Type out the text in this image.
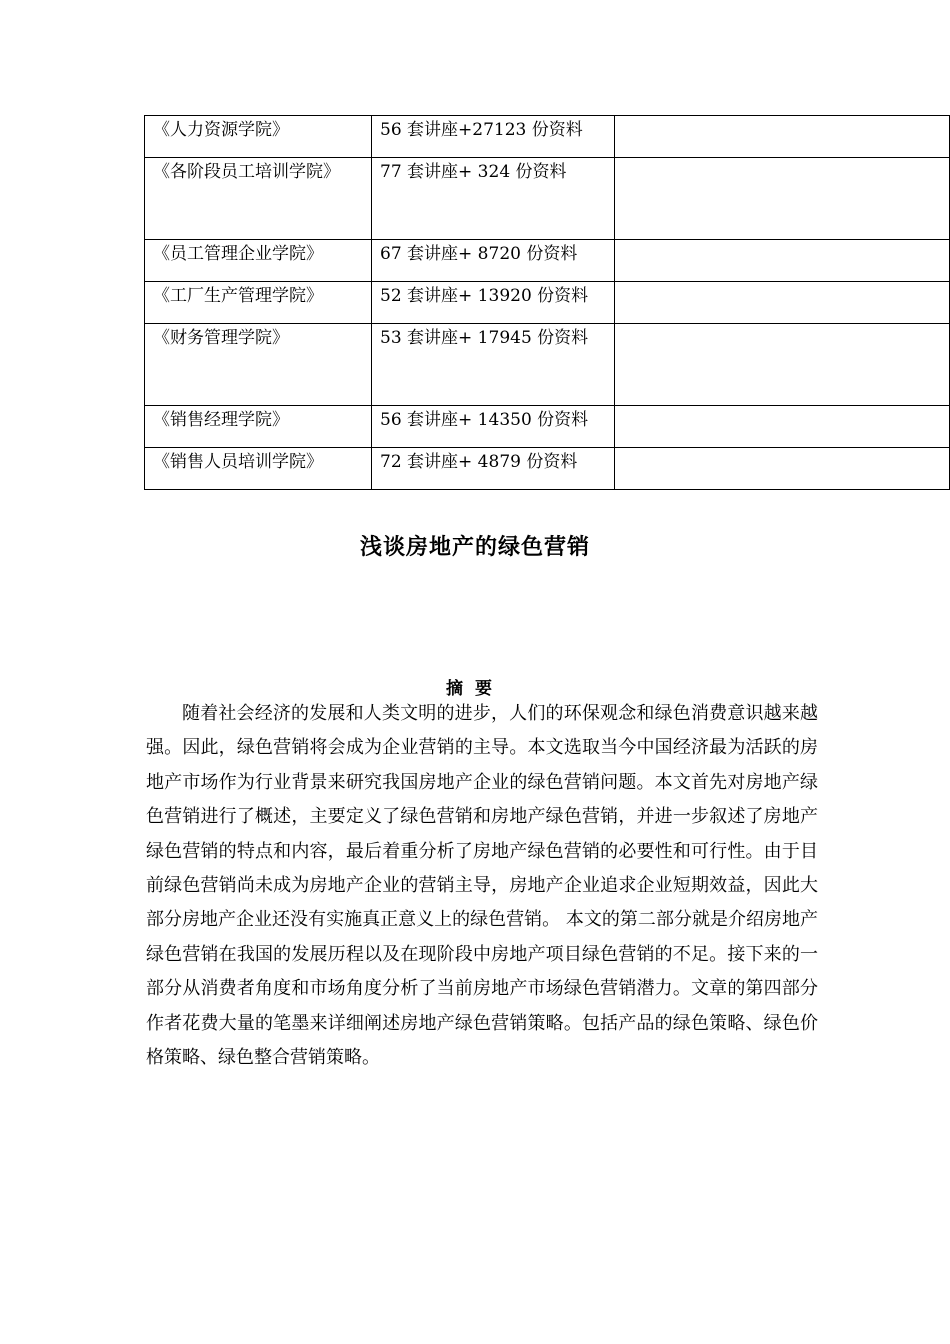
《人力资源学院》	56 套讲座+27123 份资料	

《各阶段员工培训学院》	77 套讲座+ 324 份资料	

《员工管理企业学院》	67 套讲座+ 8720 份资料	

《工厂生产管理学院》	52 套讲座+ 13920 份资料	

《财务管理学院》	53 套讲座+ 17945 份资料	

《销售经理学院》	56 套讲座+ 14350 份资料	

《销售人员培训学院》	72 套讲座+ 4879 份资料	

浅谈房地产的绿色营销
摘要

随着社会经济的发展和人类文明的进步，人们的环保观念和绿色消费意识越来越强。因此，绿色营销将会成为企业营销的主导。本文选取当今中国经济最为活跃的房地产市场作为行业背景来研究我国房地产企业的绿色营销问题。本文首先对房地产绿色营销进行了概述，主要定义了绿色营销和房地产绿色营销，并进一步叙述了房地产绿色营销的特点和内容，最后着重分析了房地产绿色营销的必要性和可行性。由于目前绿色营销尚未成为房地产企业的营销主导，房地产企业追求企业短期效益，因此大部分房地产企业还没有实施真正意义上的绿色营销。 本文的第二部分就是介绍房地产绿色营销在我国的发展历程以及在现阶段中房地产项目绿色营销的不足。接下来的一部分从消费者角度和市场角度分析了当前房地产市场绿色营销潜力。文章的第四部分作者花费大量的笔墨来详细阐述房地产绿色营销策略。包括产品的绿色策略、绿色价格策略、绿色整合营销策略。
